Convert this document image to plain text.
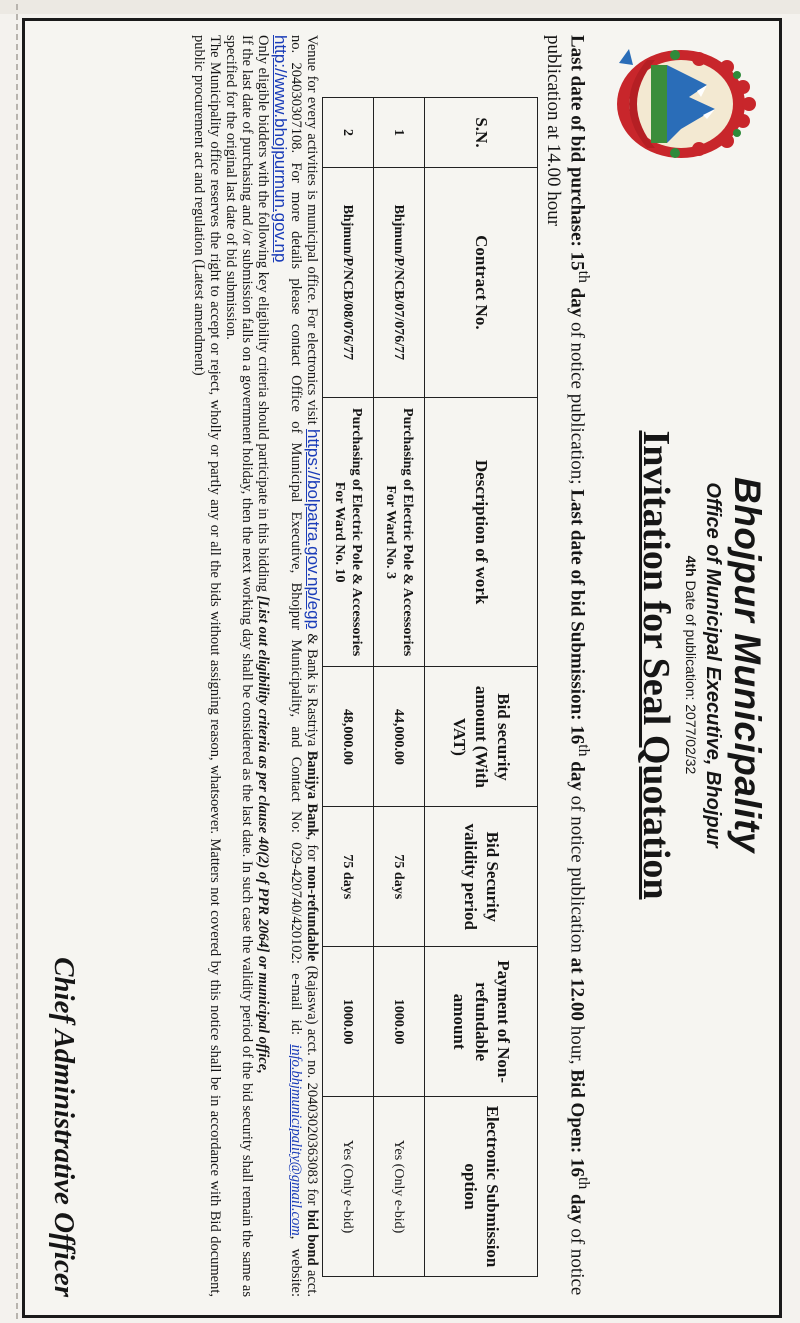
Bhojpur Municipality
Office of Municipal Executive, Bhojpur
4th Date of publication: 2077/02/32
Invitation for Seal Quotation
Last date of bid purchase: 15th day of notice publication; Last date of bid Submission: 16th day of notice publication at 12.00 hour, Bid Open: 16th day of notice publication at 14.00 hour
S.N.	Contract No.	Description of work	Bid security amount (With VAT)	Bid Security validity period	Payment of Non-refundable amount	Electronic Submission option
1	Bhjmun/P/NCB/07/076/77	Purchasing of Electric Pole & Accessories For Ward No. 3	44,000.00	75 days	1000.00	Yes (Only e-bid)
2	Bhjmun/P/NCB/08/076/77	Purchasing of Electric Pole & Accessories For Ward No. 10	48,000.00	75 days	1000.00	Yes (Only e-bid)

Venue for every activities is municipal office. For electronics visit https://bolpatra.gov.np/egp & Bank is Rastriya Banijya Bank, for non-refundable (Rajaswa) acct. no. 20403020363083 for bid bond acct. no. 204030307108. For more details please contact Office of Municipal Executive, Bhojpur Municipality, and Contact No: 029-420740/420102: e-mail id: info.bhjmunicipality@gmail.com, website: http://www.bhojpurmun.gov.np

Only eligible bidders with the following key eligibility criteria should participate in this bidding [List out eligibility criteria as per clause 40(2) of PPR 2064] or municipal office,

If the last date of purchasing and /or submission falls on a government holiday, then the next working day shall be considered as the last date. In such case the validity period of the bid security shall remain the same as specified for the original last date of bid submission.

The Municipality office reserves the right to accept or reject, wholly or partly any or all the bids without assigning reason, whatsoever. Matters not covered by this notice shall be in accordance with Bid document, public procurement act and regulation (Latest amendment)

Chief Administrative Officer
